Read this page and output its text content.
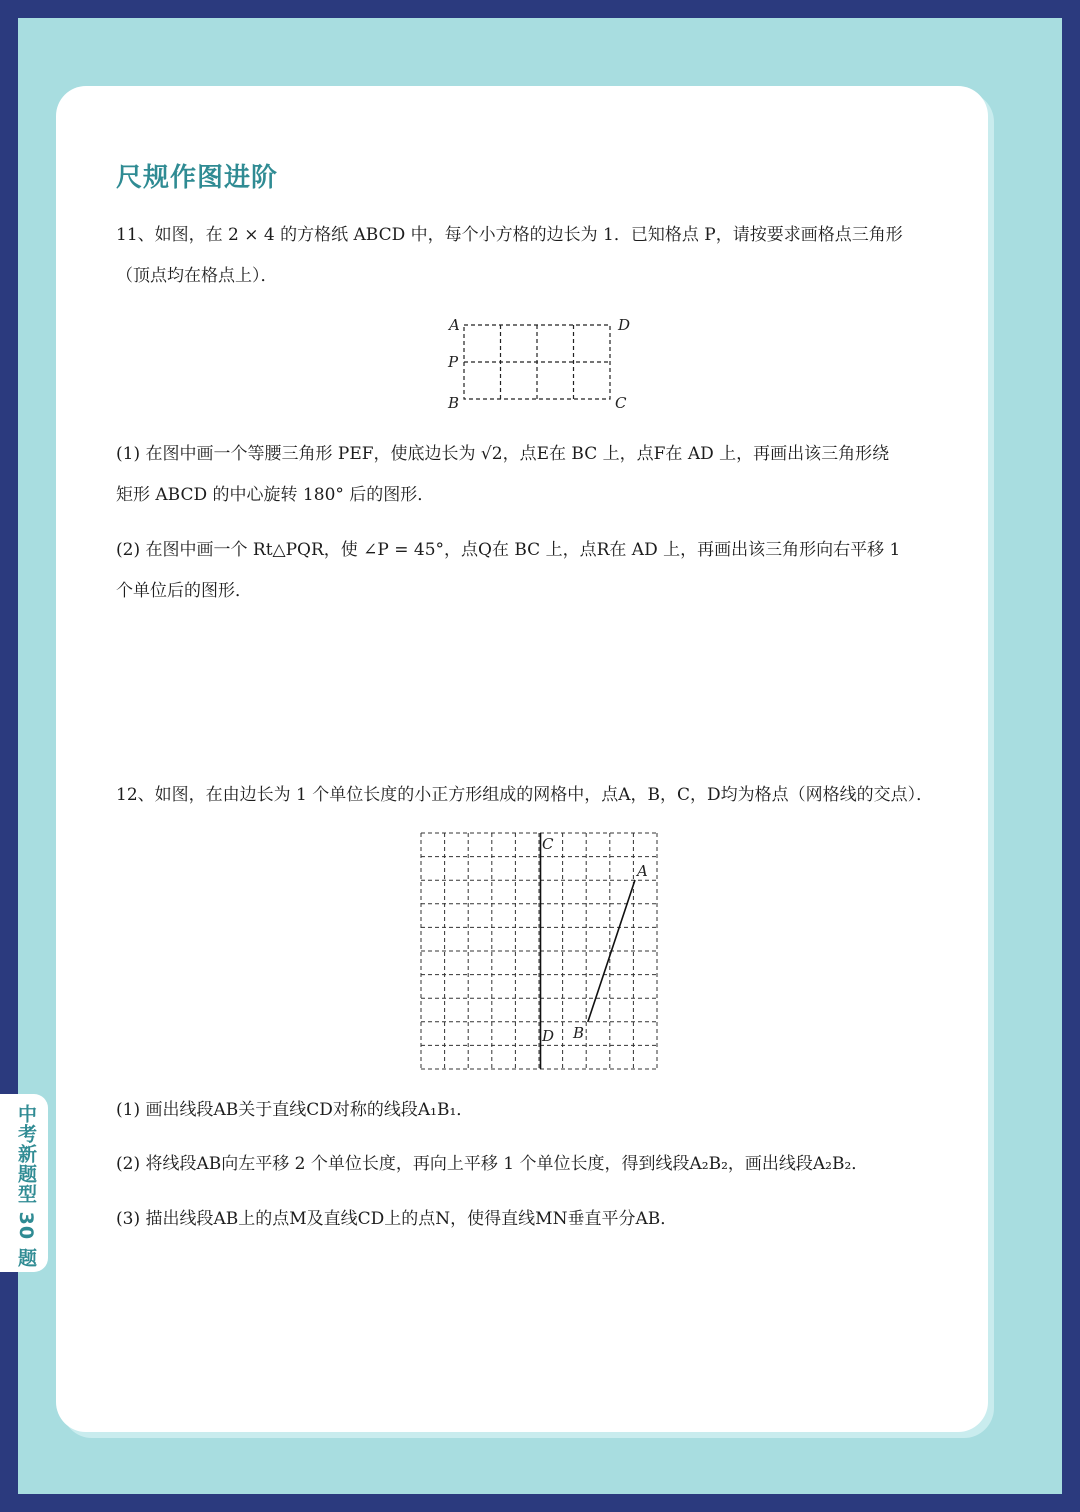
中考新题型 30 题
尺规作图进阶

11、如图，在 2 × 4 的方格纸 ABCD 中，每个小方格的边长为 1．已知格点 P，请按要求画格点三角形

（顶点均在格点上）．

A	D
P
B	C

(1) 在图中画一个等腰三角形 PEF，使底边长为 √2，点E在 BC 上，点F在 AD 上，再画出该三角形绕

矩形 ABCD 的中心旋转 180° 后的图形．

(2) 在图中画一个 Rt△PQR，使 ∠P = 45°，点Q在 BC 上，点R在 AD 上，再画出该三角形向右平移 1

个单位后的图形．

12、如图，在由边长为 1 个单位长度的小正方形组成的网格中，点A，B，C，D均为格点（网格线的交点）．

C
D
A
B

(1) 画出线段AB关于直线CD对称的线段A₁B₁．

(2) 将线段AB向左平移 2 个单位长度，再向上平移 1 个单位长度，得到线段A₂B₂，画出线段A₂B₂．

(3) 描出线段AB上的点M及直线CD上的点N，使得直线MN垂直平分AB．
